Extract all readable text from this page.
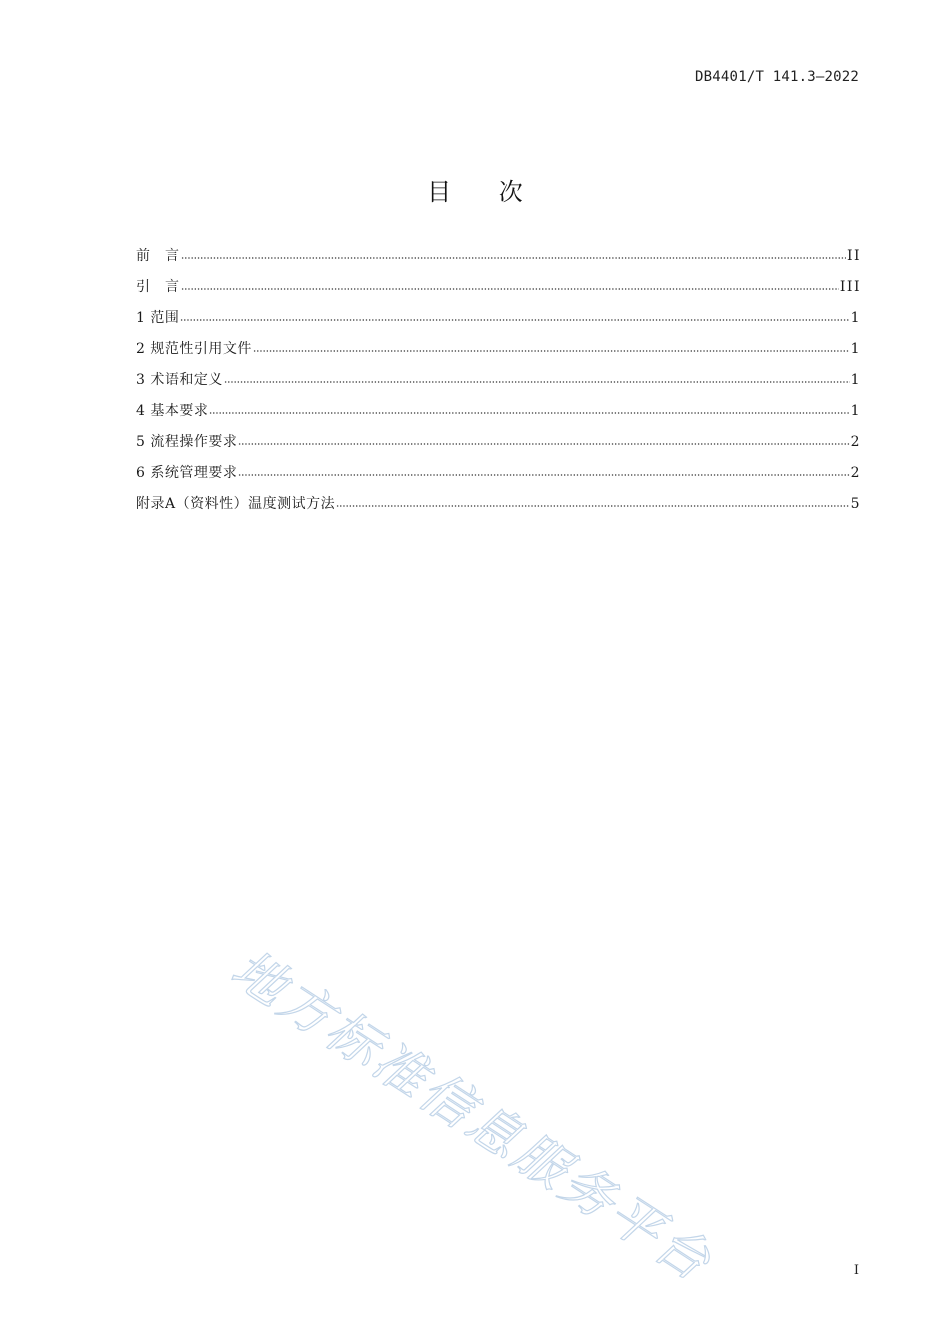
DB4401/T 141.3—2022
目 次
前　言	II
引　言	III
1 范围	1
2 规范性引用文件	1
3 术语和定义	1
4 基本要求	1
5 流程操作要求	2
6 系统管理要求	2
附录A（资料性）温度测试方法	5
地方标准信息服务平台	I
